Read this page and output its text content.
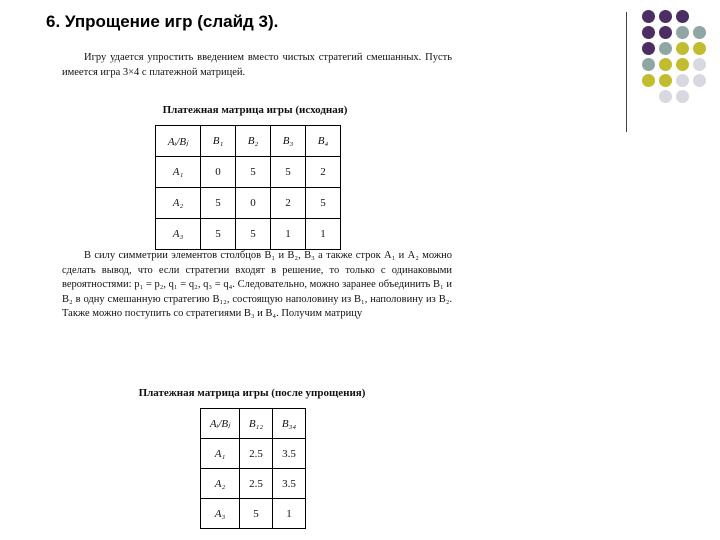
6. Упрощение игр (слайд 3).

Игру удается упростить введением вместо чистых стратегий смешанных. Пусть имеется игра 3×4 с платежной матрицей.

Платежная матрица игры (исходная)
Aᵢ/Bⱼ	B₁	B₂	B₃	B₄
A₁	0	5	5	2
A₂	5	0	2	5
A₃	5	5	1	1

В силу симметрии элементов столбцов B₁ и B₂, B₃ а также строк A₁ и A₂ можно сделать вывод, что если стратегии входят в решение, то только с одинаковыми вероятностями: p₁ = p₂, q₁ = q₂, q₃ = q₄. Следовательно, можно заранее объединить B₁ и B₂ в одну смешанную стратегию B₁₂, состоящую наполовину из B₁, наполовину из B₂. Также можно поступить со стратегиями B₃ и B₄. Получим матрицу

Платежная матрица игры (после упрощения)
Aᵢ/Bⱼ	B₁₂	B₃₄
A₁	2.5	3.5
A₂	2.5	3.5
A₃	5	1
